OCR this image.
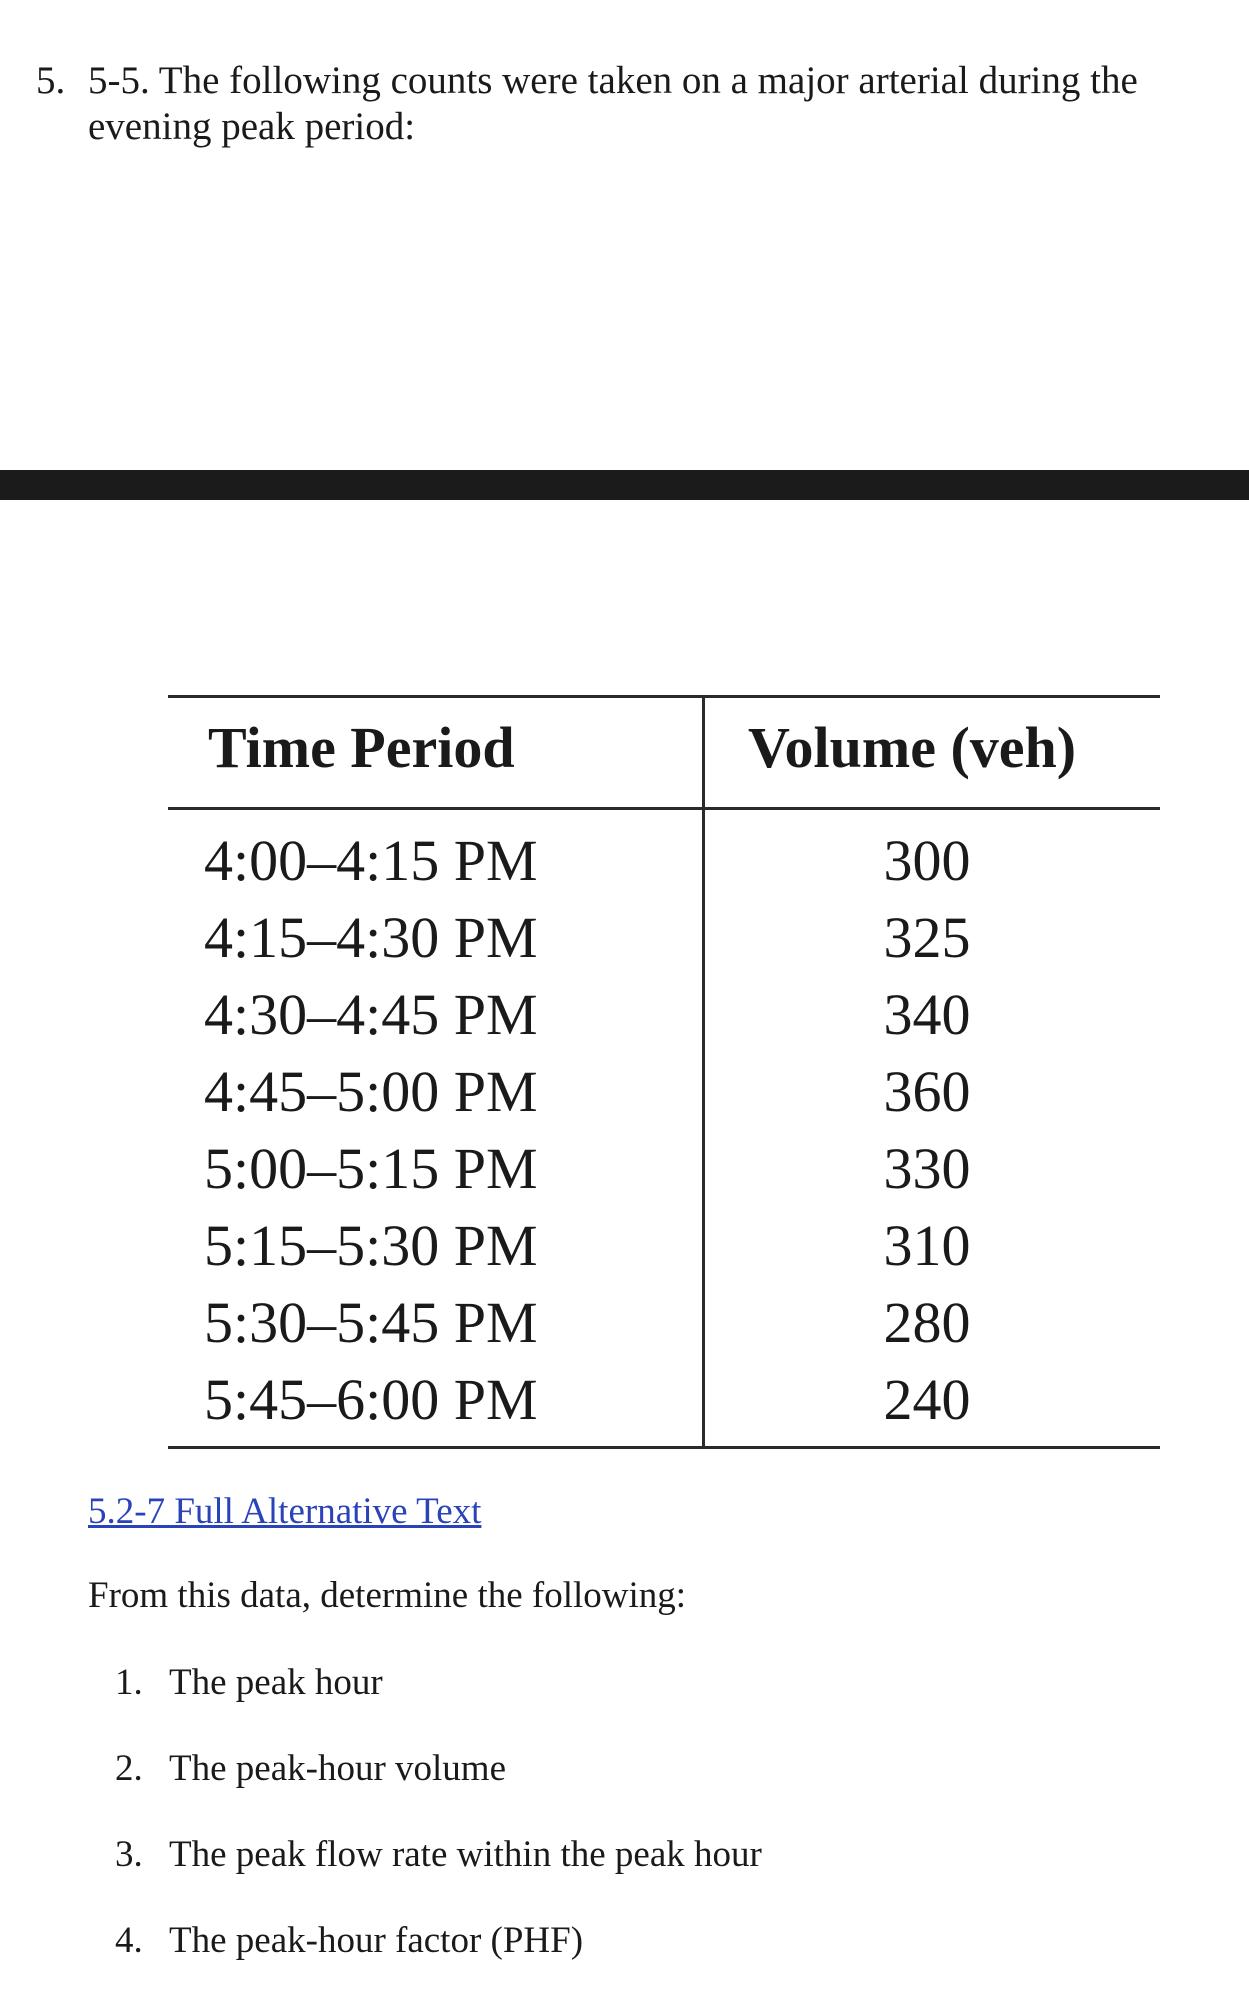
5. 5-5. The following counts were taken on a major arterial during the evening peak period:
Time Period	Volume (veh)
4:00–4:15 PM	300
4:15–4:30 PM	325
4:30–4:45 PM	340
4:45–5:00 PM	360
5:00–5:15 PM	330
5:15–5:30 PM	310
5:30–5:45 PM	280
5:45–6:00 PM	240
5.2-7 Full Alternative Text
From this data, determine the following:
1. The peak hour
2. The peak-hour volume
3. The peak flow rate within the peak hour
4. The peak-hour factor (PHF)
